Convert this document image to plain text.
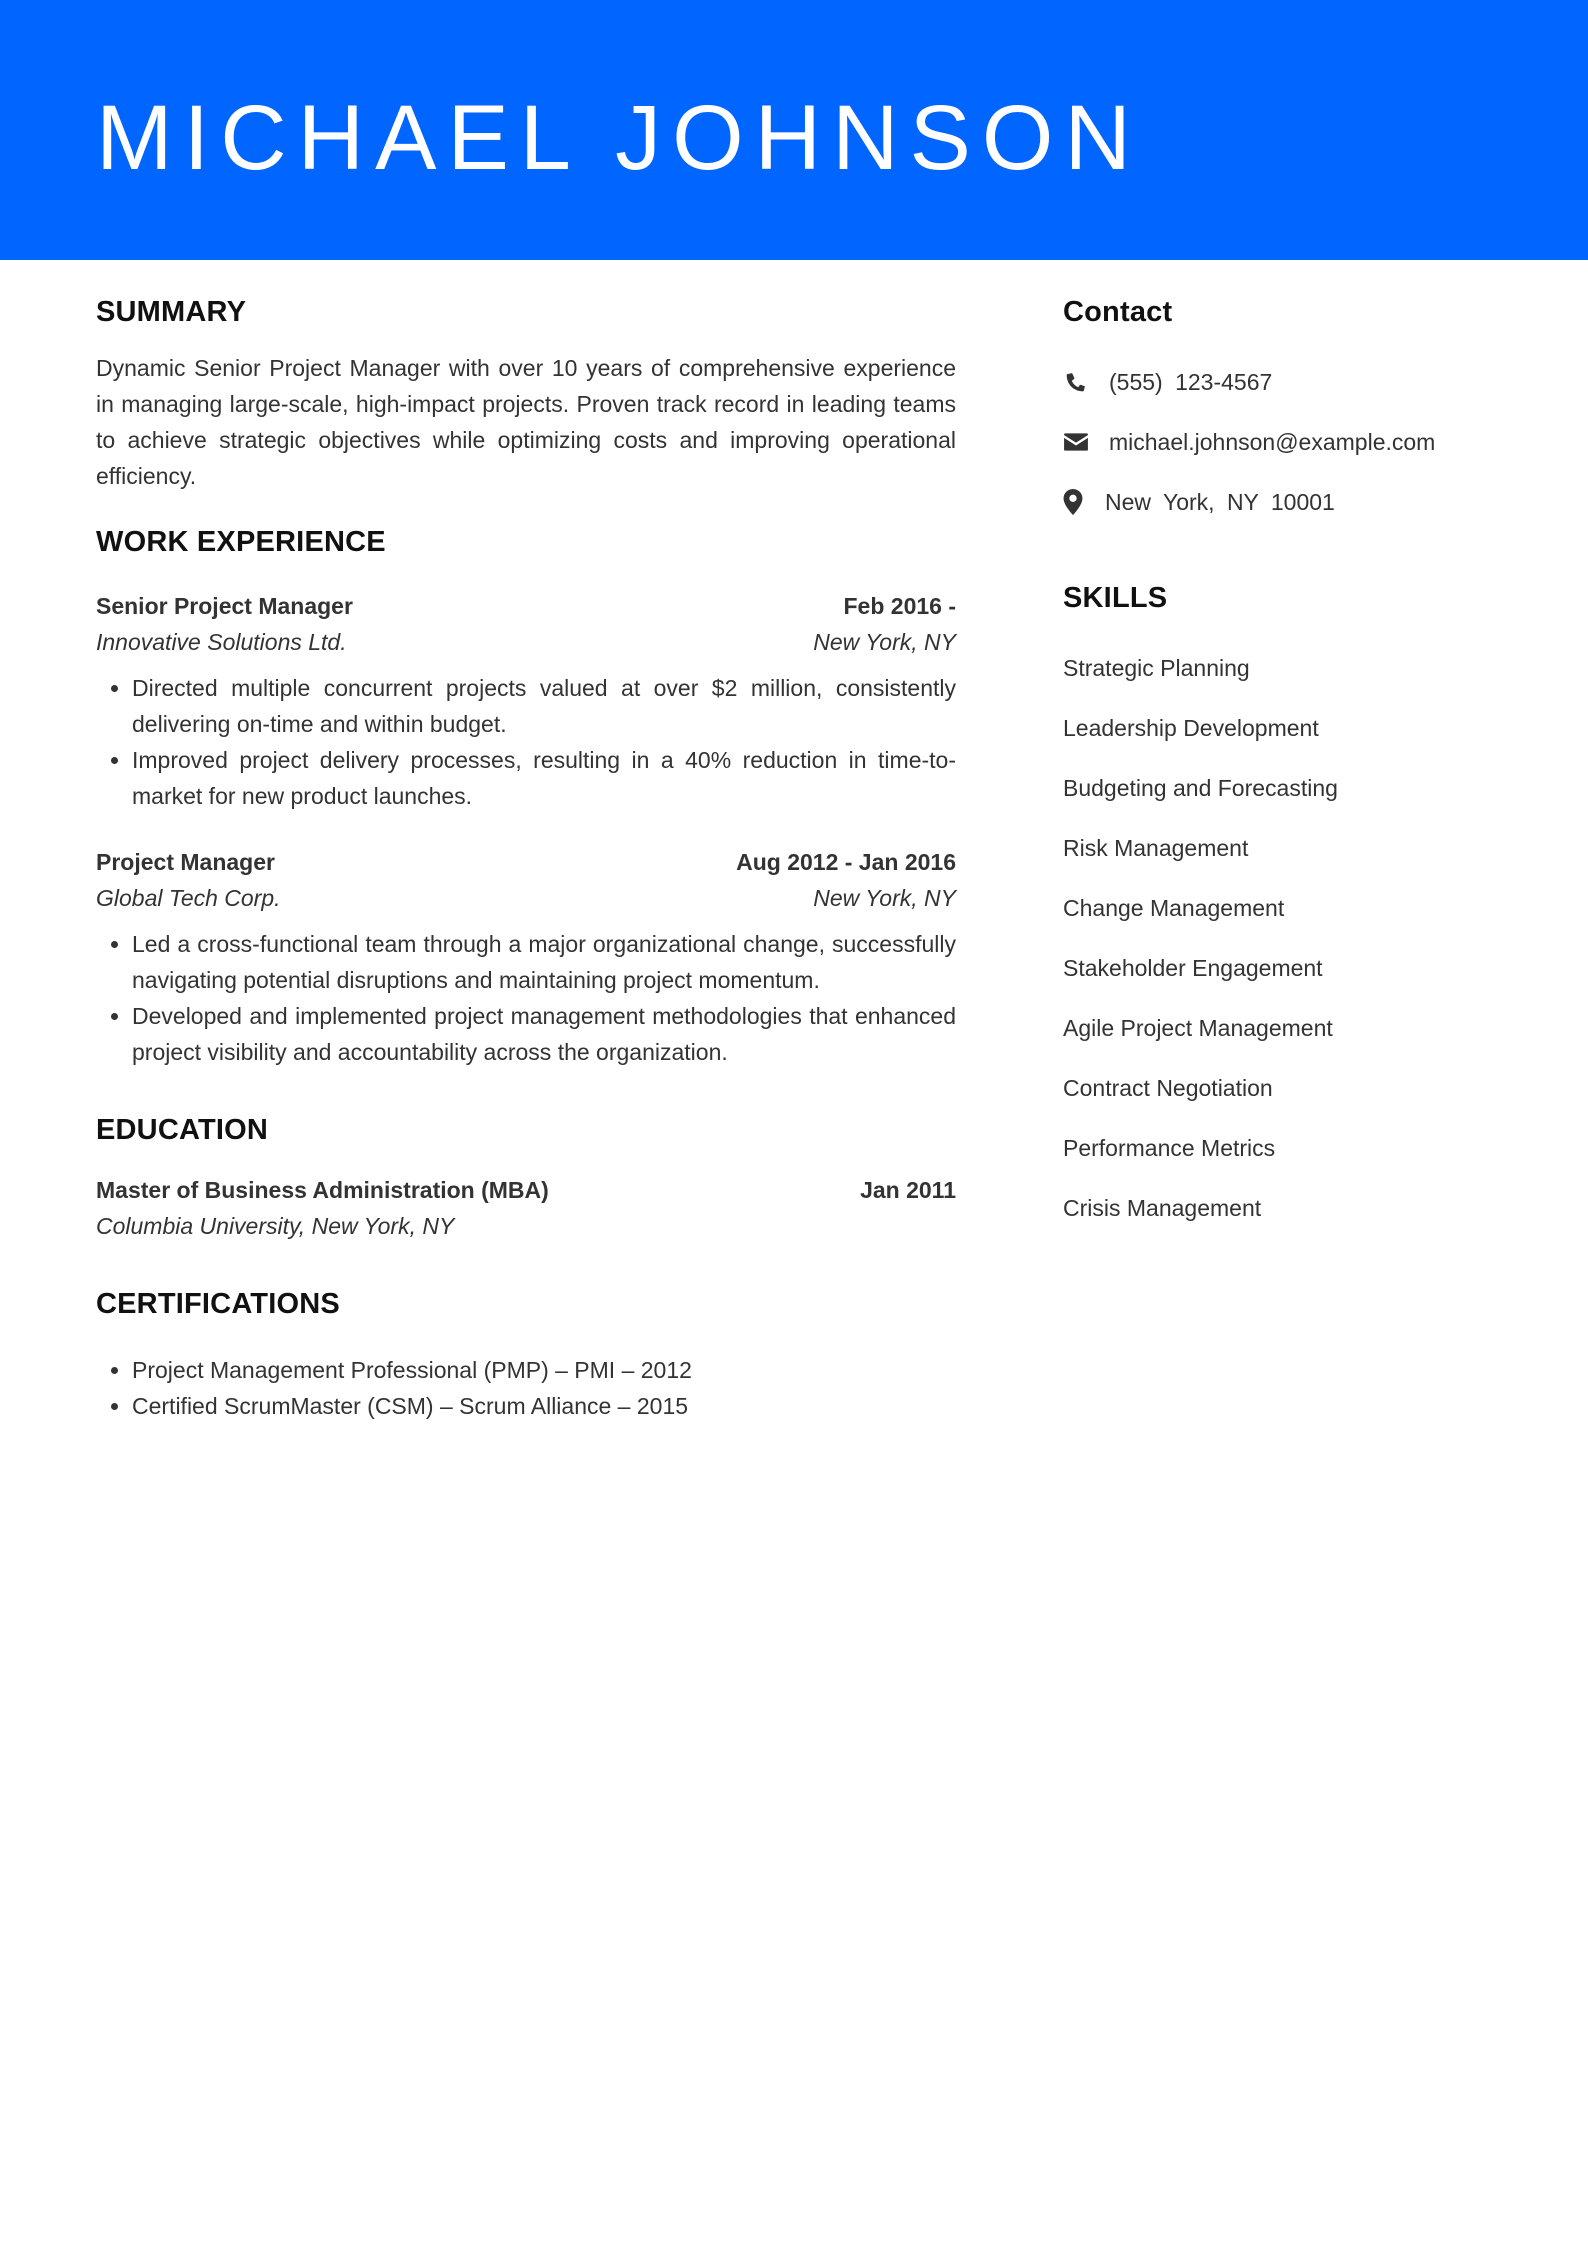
MICHAEL JOHNSON
SUMMARY

Dynamic Senior Project Manager with over 10 years of comprehensive experience in managing large-scale, high-impact projects. Proven track record in leading teams to achieve strategic objectives while optimizing costs and improving operational efficiency.

WORK EXPERIENCE
Senior Project Manager	Feb 2016 -
Innovative Solutions Ltd.	New York, NY
• Directed multiple concurrent projects valued at over $2 million, consistently delivering on-time and within budget.
• Improved project delivery processes, resulting in a 40% reduction in time-to-market for new product launches.
Project Manager	Aug 2012 - Jan 2016
Global Tech Corp.	New York, NY
• Led a cross-functional team through a major organizational change, successfully navigating potential disruptions and maintaining project momentum.
• Developed and implemented project management methodologies that enhanced project visibility and accountability across the organization.
EDUCATION
Master of Business Administration (MBA)	Jan 2011
Columbia University, New York, NY
CERTIFICATIONS
• Project Management Professional (PMP) – PMI – 2012
• Certified ScrumMaster (CSM) – Scrum Alliance – 2015
Contact
(555) 123-4567
michael.johnson@example.com
New York, NY 10001
SKILLS
Strategic Planning
Leadership Development
Budgeting and Forecasting
Risk Management
Change Management
Stakeholder Engagement
Agile Project Management
Contract Negotiation
Performance Metrics
Crisis Management
